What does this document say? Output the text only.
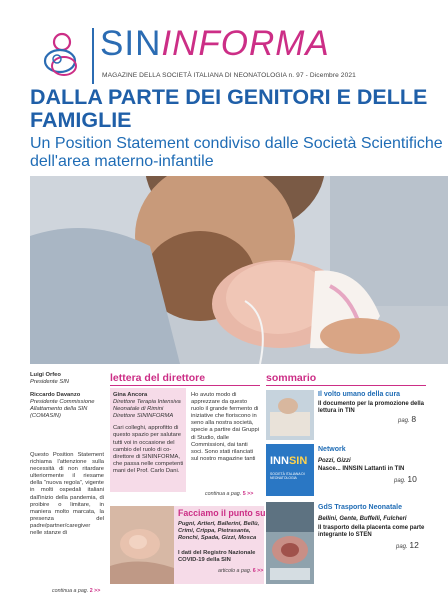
SININFORMA
MAGAZINE DELLA SOCIETÀ ITALIANA DI NEONATOLOGIA n. 97 - Dicembre 2021
DALLA PARTE DEI GENITORI E DELLE FAMIGLIE
Un Position Statement condiviso dalle Società Scientifiche dell'area materno-infantile
Luigi Orfeo
Presidente SIN
Riccardo Davanzo
Presidente Commissione Allattamento della SIN (COMASIN)
Questo Position Statement richiama l'attenzione sulla necessità di non ritardare ulteriormente il riesame della “nuova regola”, vigente in molti ospedali italiani dall'inizio della pandemia, di proibire o limitare, in maniera molto marcata, la presenza del padre/partner/caregiver nelle stanze di
continua a pag. 2 >>
lettera del direttore
Gina Ancora
Direttore Terapia Intensiva Neonatale di Rimini Direttore SININFORMA
Cari colleghi, approfitto di questo spazio per salutare tutti voi in occasione del cambio del ruolo di co-direttore di SININFORMA, che passa nelle competenti mani del Prof. Carlo Dani.
Ho avuto modo di apprezzare da questo ruolo il grande fermento di iniziative che fioriscono in seno alla nostra società, specie a partire dai Gruppi di Studio, dalle Commissioni, dai tanti soci. Sono stati rilanciati sul nostro magazine tanti
continua a pag. 5 >>
Facciamo il punto su
Pugni, Artieri, Ballerini, Bellù, Crimi, Crippa, Pietrasanta, Ronchi, Spada, Gizzi, Mosca
I dati del Registro Nazionale COVID-19 della SIN
articolo a pag. 6 >>
sommario
Il volto umano della cura
Il documento per la promozione della lettura in TIN
pag. 8
INNSIN
SOCIETÀ ITALIANA DI NEONATOLOGIA
Network
Pozzi, Gizzi
Nasce... INNSIN Lattanti in TIN
pag. 10
GdS Trasporto Neonatale
Bellini, Gente, Buffelli, Fulcheri
Il trasporto della placenta come parte integrante lo STEN
pag. 12
